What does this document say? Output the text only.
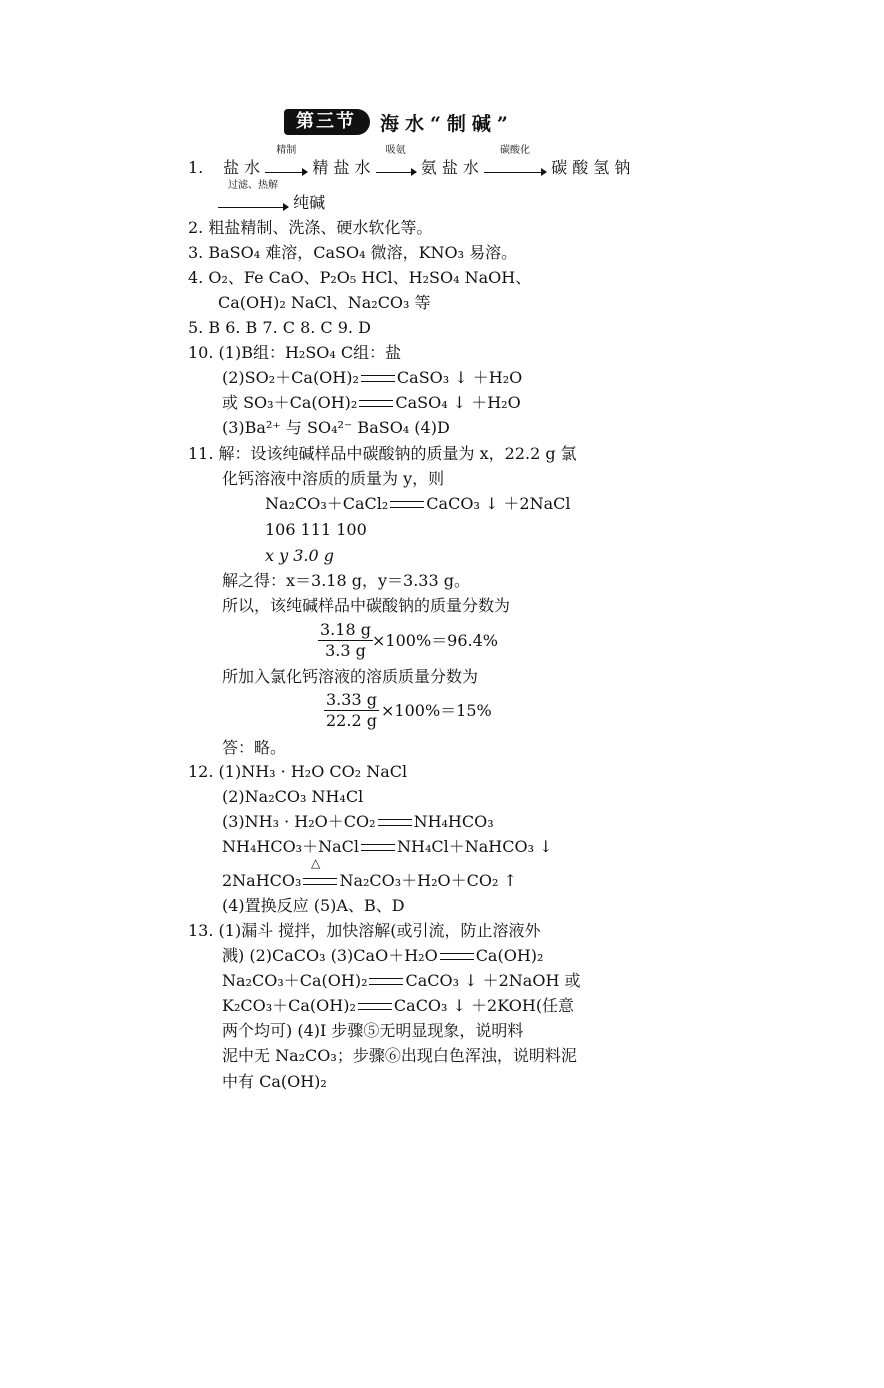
第三节	海水“制碱”
1. 盐 水
精制
精 盐 水
吸氨
氨 盐 水
碳酸化
碳 酸 氢 钠
过滤、热解
纯碱
2. 粗盐精制、洗涤、硬水软化等。
3. BaSO₄ 难溶，CaSO₄ 微溶，KNO₃ 易溶。
4. O₂、Fe CaO、P₂O₅ HCl、H₂SO₄ NaOH、
Ca(OH)₂ NaCl、Na₂CO₃ 等
5. B 6. B 7. C 8. C 9. D
10. (1)B组：H₂SO₄ C组：盐
(2)SO₂＋Ca(OH)₂ CaSO₃ ↓ ＋H₂O
或 SO₃＋Ca(OH)₂ CaSO₄ ↓ ＋H₂O
(3)Ba²⁺ 与 SO₄²⁻ BaSO₄ (4)D
11. 解：设该纯碱样品中碳酸钠的质量为 x，22.2 g 氯
化钙溶液中溶质的质量为 y，则
Na₂CO₃＋CaCl₂ CaCO₃ ↓ ＋2NaCl
106 111 100
x y 3.0 g
解之得：x＝3.18 g，y＝3.33 g。
所以，该纯碱样品中碳酸钠的质量分数为
$\frac{3.18 g}{3.3 g} \times 100\%=96.4\%$
所加入氯化钙溶液的溶质质量分数为
$\frac{3.33 g}{22.2 g} \times 100\%=15\%$
答：略。
12. (1)NH₃ · H₂O CO₂ NaCl
(2)Na₂CO₃ NH₄Cl
(3)NH₃ · H₂O＋CO₂ NH₄HCO₃
NH₄HCO₃＋NaCl NH₄Cl＋NaHCO₃ ↓
△
2NaHCO₃ Na₂CO₃＋H₂O＋CO₂ ↑
(4)置换反应 (5)A、B、D
13. (1)漏斗 搅拌，加快溶解(或引流，防止溶液外
溅) (2)CaCO₃ (3)CaO＋H₂O Ca(OH)₂
Na₂CO₃＋Ca(OH)₂ CaCO₃ ↓ ＋2NaOH 或
K₂CO₃＋Ca(OH)₂ CaCO₃ ↓ ＋2KOH(任意
两个均可) (4)Ⅰ 步骤⑤无明显现象，说明料
泥中无 Na₂CO₃；步骤⑥出现白色浑浊，说明料泥
中有 Ca(OH)₂
